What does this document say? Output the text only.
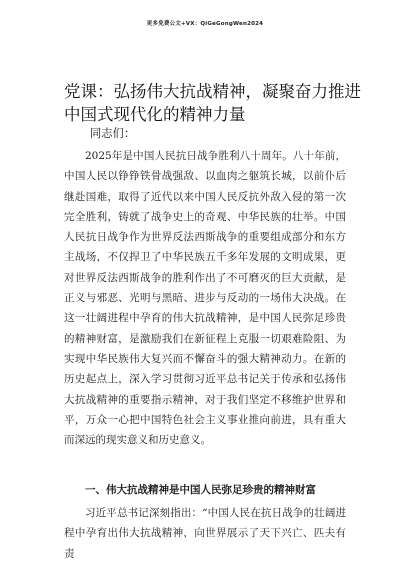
更多免费公文+VX：QiGeGongWen2024
党课：弘扬伟大抗战精神，凝聚奋力推进中国式现代化的精神力量
同志们：

2025年是中国人民抗日战争胜利八十周年。八十年前，中国人民以铮铮铁骨战强敌、以血肉之躯筑长城，以前仆后继赴国难，取得了近代以来中国人民反抗外敌入侵的第一次完全胜利，铸就了战争史上的奇观、中华民族的壮举。中国人民抗日战争作为世界反法西斯战争的重要组成部分和东方主战场，不仅捍卫了中华民族五千多年发展的文明成果，更对世界反法西斯战争的胜利作出了不可磨灭的巨大贡献，是正义与邪恶、光明与黑暗、进步与反动的一场伟大决战。在这一壮阔进程中孕育的伟大抗战精神，是中国人民弥足珍贵的精神财富，是激励我们在新征程上克服一切艰难险阻、为实现中华民族伟大复兴而不懈奋斗的强大精神动力。在新的历史起点上，深入学习贯彻习近平总书记关于传承和弘扬伟大抗战精神的重要指示精神，对于我们坚定不移维护世界和平，万众一心把中国特色社会主义事业推向前进，具有重大而深远的现实意义和历史意义。

一、伟大抗战精神是中国人民弥足珍贵的精神财富

习近平总书记深刻指出：“中国人民在抗日战争的壮阔进程中孕育出伟大抗战精神，向世界展示了天下兴亡、匹夫有责
